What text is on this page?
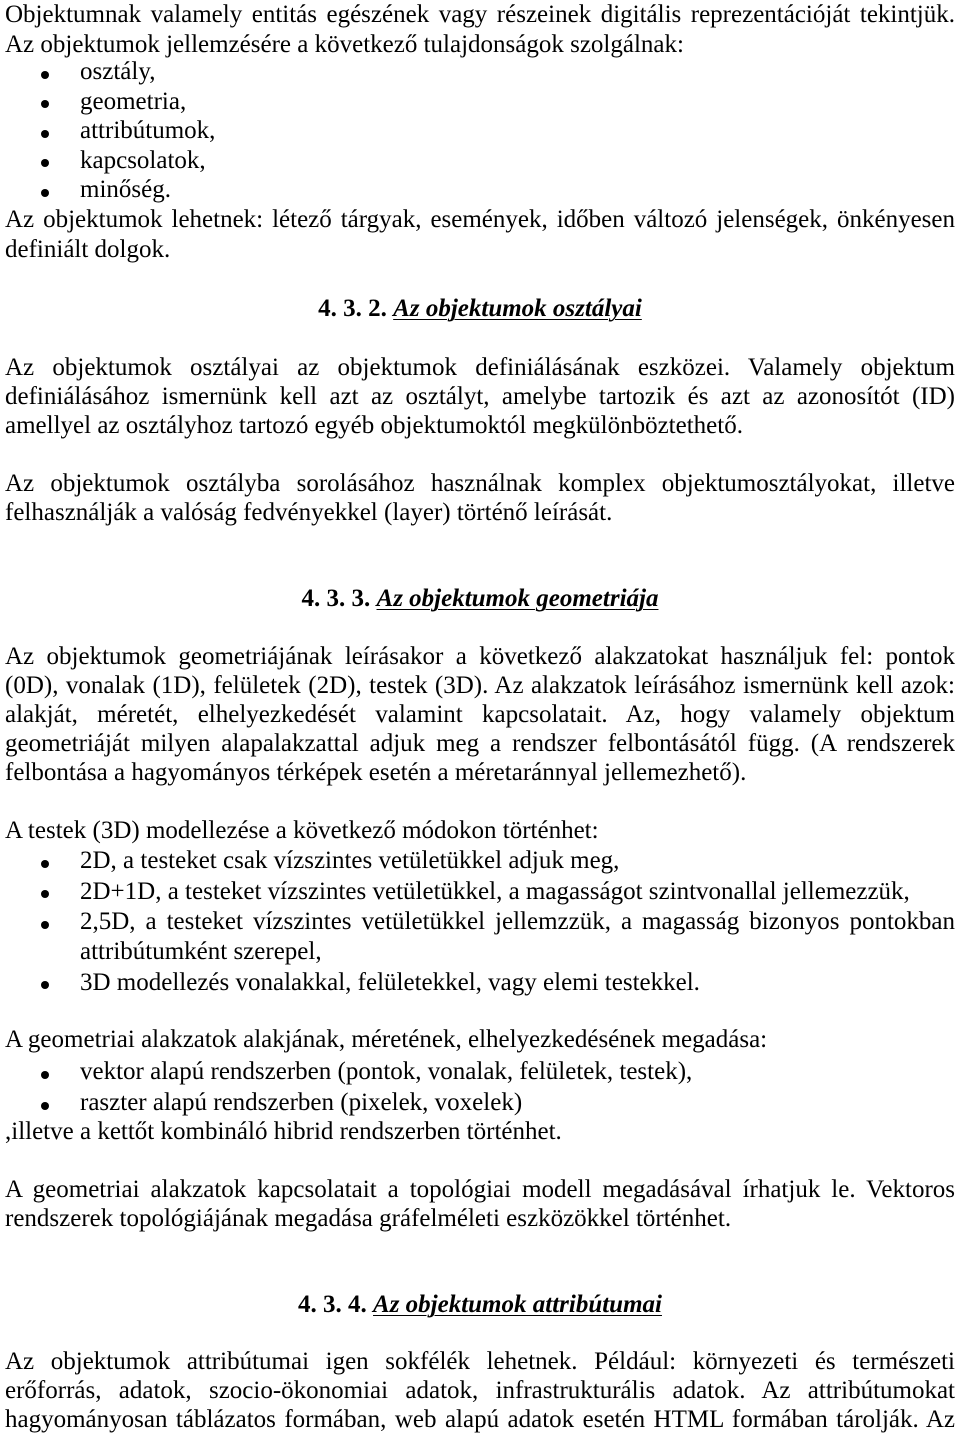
Objektumnak valamely entitás egészének vagy részeinek digitális reprezentációját tekintjük.
Az objektumok jellemzésére a következő tulajdonságok szolgálnak:
osztály,
geometria,
attribútumok,
kapcsolatok,
minőség.
Az objektumok lehetnek: létező tárgyak, események, időben változó jelenségek, önkényesen
definiált dolgok.
4. 3. 2. Az objektumok osztályai
Az objektumok osztályai az objektumok definiálásának eszközei. Valamely objektum
definiálásához ismernünk kell azt az osztályt, amelybe tartozik és azt az azonosítót (ID)
amellyel az osztályhoz tartozó egyéb objektumoktól megkülönböztethető.
Az objektumok osztályba sorolásához használnak komplex objektumosztályokat, illetve
felhasználják a valóság fedvényekkel (layer) történő leírását.
4. 3. 3. Az objektumok geometriája
Az objektumok geometriájának leírásakor a következő alakzatokat használjuk fel: pontok
(0D), vonalak (1D), felületek (2D), testek (3D). Az alakzatok leírásához ismernünk kell azok:
alakját, méretét, elhelyezkedését valamint kapcsolatait. Az, hogy valamely objektum
geometriáját milyen alapalakzattal adjuk meg a rendszer felbontásától függ. (A rendszerek
felbontása a hagyományos térképek esetén a méretaránnyal jellemezhető).
A testek (3D) modellezése a következő módokon történhet:
2D, a testeket csak vízszintes vetületükkel adjuk meg,
2D+1D, a testeket vízszintes vetületükkel, a magasságot szintvonallal jellemezzük,
2,5D, a testeket vízszintes vetületükkel jellemzzük, a magasság bizonyos pontokban
attribútumként szerepel,
3D modellezés vonalakkal, felületekkel, vagy elemi testekkel.
A geometriai alakzatok alakjának, méretének, elhelyezkedésének megadása:
vektor alapú rendszerben (pontok, vonalak, felületek, testek),
raszter alapú rendszerben (pixelek, voxelek)
,illetve a kettőt kombináló hibrid rendszerben történhet.
A geometriai alakzatok kapcsolatait a topológiai modell megadásával írhatjuk le. Vektoros
rendszerek topológiájának megadása gráfelméleti eszközökkel történhet.
4. 3. 4. Az objektumok attribútumai
Az objektumok attribútumai igen sokfélék lehetnek. Például: környezeti és természeti
erőforrás, adatok, szocio-ökonomiai adatok, infrastrukturális adatok. Az attribútumokat
hagyományosan táblázatos formában, web alapú adatok esetén HTML formában tárolják. Az
